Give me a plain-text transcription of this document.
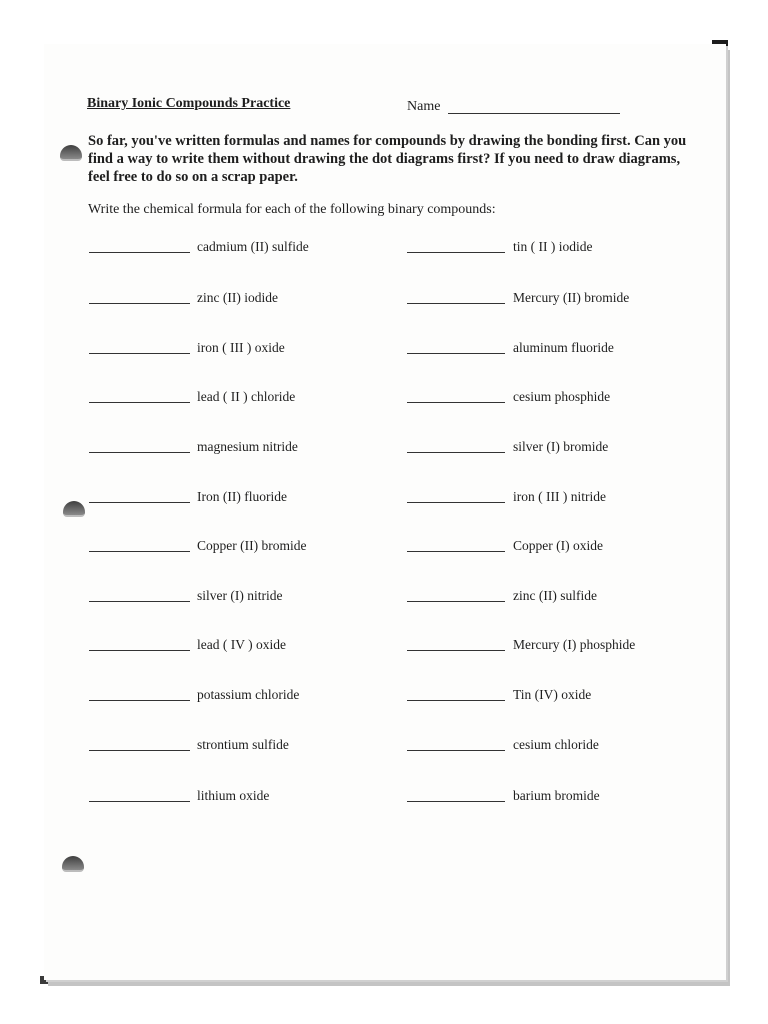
Binary Ionic Compounds Practice	Name
So far, you've written formulas and names for compounds by drawing the bonding first. Can you find a way to write them without drawing the dot diagrams first? If you need to draw diagrams, feel free to do so on a scrap paper.
Write the chemical formula for each of the following binary compounds:
cadmium (II) sulfide
zinc (II) iodide
iron ( III ) oxide
lead ( II ) chloride
magnesium nitride
Iron (II) fluoride
Copper (II) bromide
silver (I) nitride
lead ( IV ) oxide
potassium chloride
strontium sulfide
lithium oxide
tin ( II ) iodide
Mercury (II) bromide
aluminum fluoride
cesium phosphide
silver (I) bromide
iron ( III ) nitride
Copper (I) oxide
zinc (II) sulfide
Mercury (I) phosphide
Tin (IV) oxide
cesium chloride
barium bromide
